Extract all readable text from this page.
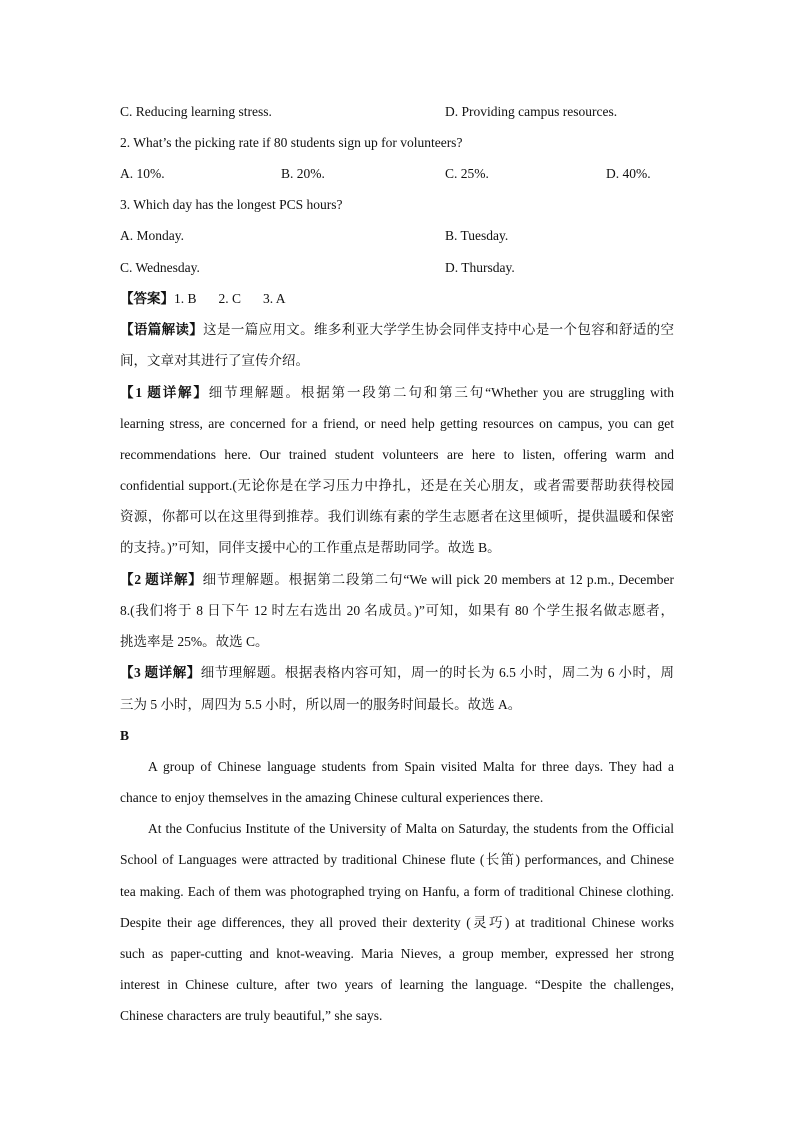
C. Reducing learning stress.	D. Providing campus resources.
2. What’s the picking rate if 80 students sign up for volunteers?
A. 10%.	B. 20%.	C. 25%.	D. 40%.
3. Which day has the longest PCS hours?
A. Monday.	B. Tuesday.
C. Wednesday.	D. Thursday.
【答案】1. B 2. C 3. A
【语篇解读】这是一篇应用文。维多利亚大学学生协会同伴支持中心是一个包容和舒适的空
间，文章对其进行了宣传介绍。
【1 题详解】细节理解题。根据第一段第二句和第三句“Whether you are struggling with
learning stress, are concerned for a friend, or need help getting resources on campus, you can get
recommendations here. Our trained student volunteers are here to listen, offering warm and
confidential support.(无论你是在学习压力中挣扎，还是在关心朋友，或者需要帮助获得校园
资源，你都可以在这里得到推荐。我们训练有素的学生志愿者在这里倾听，提供温暖和保密
的支持。)”可知，同伴支援中心的工作重点是帮助同学。故选 B。
【2 题详解】细节理解题。根据第二段第二句“We will pick 20 members at 12 p.m., December
8.(我们将于 8 日下午 12 时左右选出 20 名成员。)”可知，如果有 80 个学生报名做志愿者，
挑选率是 25%。故选 C。
【3 题详解】细节理解题。根据表格内容可知，周一的时长为 6.5 小时，周二为 6 小时，周
三为 5 小时，周四为 5.5 小时，所以周一的服务时间最长。故选 A。
B
A group of Chinese language students from Spain visited Malta for three days. They had a
chance to enjoy themselves in the amazing Chinese cultural experiences there.
At the Confucius Institute of the University of Malta on Saturday, the students from the Official
School of Languages were attracted by traditional Chinese flute (长笛) performances, and Chinese
tea making. Each of them was photographed trying on Hanfu, a form of traditional Chinese clothing.
Despite their age differences, they all proved their dexterity (灵巧) at traditional Chinese works
such as paper-cutting and knot-weaving. Maria Nieves, a group member, expressed her strong
interest in Chinese culture, after two years of learning the language. “Despite the challenges,
Chinese characters are truly beautiful,” she says.
